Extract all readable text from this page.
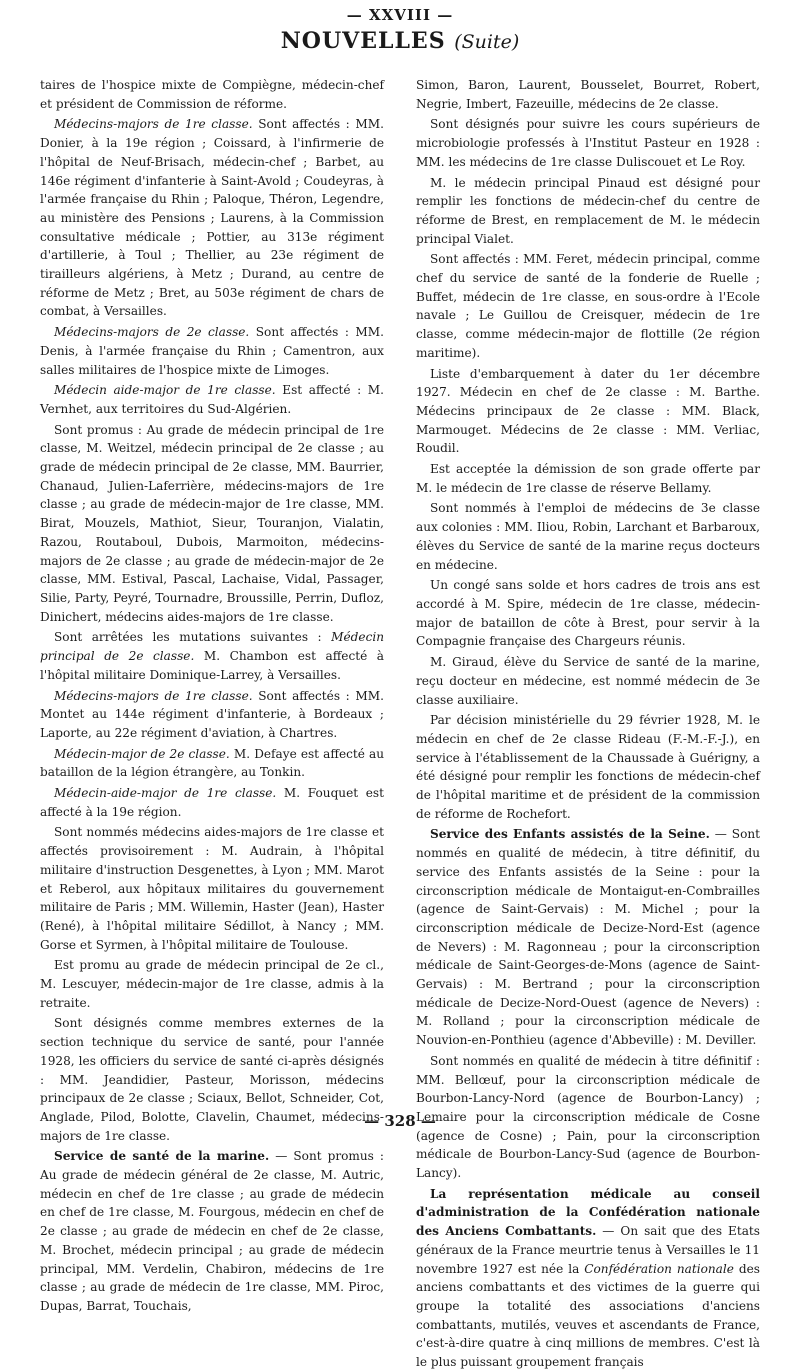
— XXVIII —
NOUVELLES (Suite)

taires de l'hospice mixte de Compiègne, médecin-chef et président de Commission de réforme.

Médecins-majors de 1re classe. Sont affectés : MM. Donier, à la 19e région ; Coissard, à l'infirmerie de l'hôpital de Neuf-Brisach, médecin-chef ; Barbet, au 146e régiment d'infanterie à Saint-Avold ; Coudeyras, à l'armée française du Rhin ; Paloque, Théron, Legendre, au ministère des Pensions ; Laurens, à la Commission consultative médicale ; Pottier, au 313e régiment d'artillerie, à Toul ; Thellier, au 23e régiment de tirailleurs algériens, à Metz ; Durand, au centre de réforme de Metz ; Bret, au 503e régiment de chars de combat, à Versailles.

Médecins-majors de 2e classe. Sont affectés : MM. Denis, à l'armée française du Rhin ; Camentron, aux salles militaires de l'hospice mixte de Limoges.

Médecin aide-major de 1re classe. Est affecté : M. Vernhet, aux territoires du Sud-Algérien.

Sont promus : Au grade de médecin principal de 1re classe, M. Weitzel, médecin principal de 2e classe ; au grade de médecin principal de 2e classe, MM. Baurrier, Chanaud, Julien-Laferrière, médecins-majors de 1re classe ; au grade de médecin-major de 1re classe, MM. Birat, Mouzels, Mathiot, Sieur, Touranjon, Vialatin, Razou, Routaboul, Dubois, Marmoiton, médecins-majors de 2e classe ; au grade de médecin-major de 2e classe, MM. Estival, Pascal, Lachaise, Vidal, Passager, Silie, Party, Peyré, Tournadre, Broussille, Perrin, Dufloz, Dinichert, médecins aides-majors de 1re classe.

Sont arrêtées les mutations suivantes : Médecin principal de 2e classe. M. Chambon est affecté à l'hôpital militaire Dominique-Larrey, à Versailles.

Médecins-majors de 1re classe. Sont affectés : MM. Montet au 144e régiment d'infanterie, à Bordeaux ; Laporte, au 22e régiment d'aviation, à Chartres.

Médecin-major de 2e classe. M. Defaye est affecté au bataillon de la légion étrangère, au Tonkin.

Médecin-aide-major de 1re classe. M. Fouquet est affecté à la 19e région.

Sont nommés médecins aides-majors de 1re classe et affectés provisoirement : M. Audrain, à l'hôpital militaire d'instruction Desgenettes, à Lyon ; MM. Marot et Reberol, aux hôpitaux militaires du gouvernement militaire de Paris ; MM. Willemin, Haster (Jean), Haster (René), à l'hôpital militaire Sédillot, à Nancy ; MM. Gorse et Syrmen, à l'hôpital militaire de Toulouse.

Est promu au grade de médecin principal de 2e cl., M. Lescuyer, médecin-major de 1re classe, admis à la retraite.

Sont désignés comme membres externes de la section technique du service de santé, pour l'année 1928, les officiers du service de santé ci-après désignés : MM. Jeandidier, Pasteur, Morisson, médecins principaux de 2e classe ; Sciaux, Bellot, Schneider, Cot, Anglade, Pilod, Bolotte, Clavelin, Chaumet, médecins-majors de 1re classe.

Service de santé de la marine. — Sont promus : Au grade de médecin général de 2e classe, M. Autric, médecin en chef de 1re classe ; au grade de médecin en chef de 1re classe, M. Fourgous, médecin en chef de 2e classe ; au grade de médecin en chef de 2e classe, M. Brochet, médecin principal ; au grade de médecin principal, MM. Verdelin, Chabiron, médecins de 1re classe ; au grade de médecin de 1re classe, MM. Piroc, Dupas, Barrat, Touchais,

Simon, Baron, Laurent, Bousselet, Bourret, Robert, Negrie, Imbert, Fazeuille, médecins de 2e classe.

Sont désignés pour suivre les cours supérieurs de microbiologie professés à l'Institut Pasteur en 1928 : MM. les médecins de 1re classe Duliscouet et Le Roy.

M. le médecin principal Pinaud est désigné pour remplir les fonctions de médecin-chef du centre de réforme de Brest, en remplacement de M. le médecin principal Vialet.

Sont affectés : MM. Feret, médecin principal, comme chef du service de santé de la fonderie de Ruelle ; Buffet, médecin de 1re classe, en sous-ordre à l'Ecole navale ; Le Guillou de Creisquer, médecin de 1re classe, comme médecin-major de flottille (2e région maritime).

Liste d'embarquement à dater du 1er décembre 1927. Médecin en chef de 2e classe : M. Barthe. Médecins principaux de 2e classe : MM. Black, Marmouget. Médecins de 2e classe : MM. Verliac, Roudil.

Est acceptée la démission de son grade offerte par M. le médecin de 1re classe de réserve Bellamy.

Sont nommés à l'emploi de médecins de 3e classe aux colonies : MM. Iliou, Robin, Larchant et Barbaroux, élèves du Service de santé de la marine reçus docteurs en médecine.

Un congé sans solde et hors cadres de trois ans est accordé à M. Spire, médecin de 1re classe, médecin-major de bataillon de côte à Brest, pour servir à la Compagnie française des Chargeurs réunis.

M. Giraud, élève du Service de santé de la marine, reçu docteur en médecine, est nommé médecin de 3e classe auxiliaire.

Par décision ministérielle du 29 février 1928, M. le médecin en chef de 2e classe Rideau (F.-M.-F.-J.), en service à l'établissement de la Chaussade à Guérigny, a été désigné pour remplir les fonctions de médecin-chef de l'hôpital maritime et de président de la commission de réforme de Rochefort.

Service des Enfants assistés de la Seine. — Sont nommés en qualité de médecin, à titre définitif, du service des Enfants assistés de la Seine : pour la circonscription médicale de Montaigut-en-Combrailles (agence de Saint-Gervais) : M. Michel ; pour la circonscription médicale de Decize-Nord-Est (agence de Nevers) : M. Ragonneau ; pour la circonscription médicale de Saint-Georges-de-Mons (agence de Saint-Gervais) : M. Bertrand ; pour la circonscription médicale de Decize-Nord-Ouest (agence de Nevers) : M. Rolland ; pour la circonscription médicale de Nouvion-en-Ponthieu (agence d'Abbeville) : M. Deviller.

Sont nommés en qualité de médecin à titre définitif : MM. Bellœuf, pour la circonscription médicale de Bourbon-Lancy-Nord (agence de Bourbon-Lancy) ; Lemaire pour la circonscription médicale de Cosne (agence de Cosne) ; Pain, pour la circonscription médicale de Bourbon-Lancy-Sud (agence de Bourbon-Lancy).

La représentation médicale au conseil d'administration de la Confédération nationale des Anciens Combattants. — On sait que des Etats généraux de la France meurtrie tenus à Versailles le 11 novembre 1927 est née la Confédération nationale des anciens combattants et des victimes de la guerre qui groupe la totalité des associations d'anciens combattants, mutilés, veuves et ascendants de France, c'est-à-dire quatre à cinq millions de membres. C'est là le plus puissant groupement français

— 328 —
